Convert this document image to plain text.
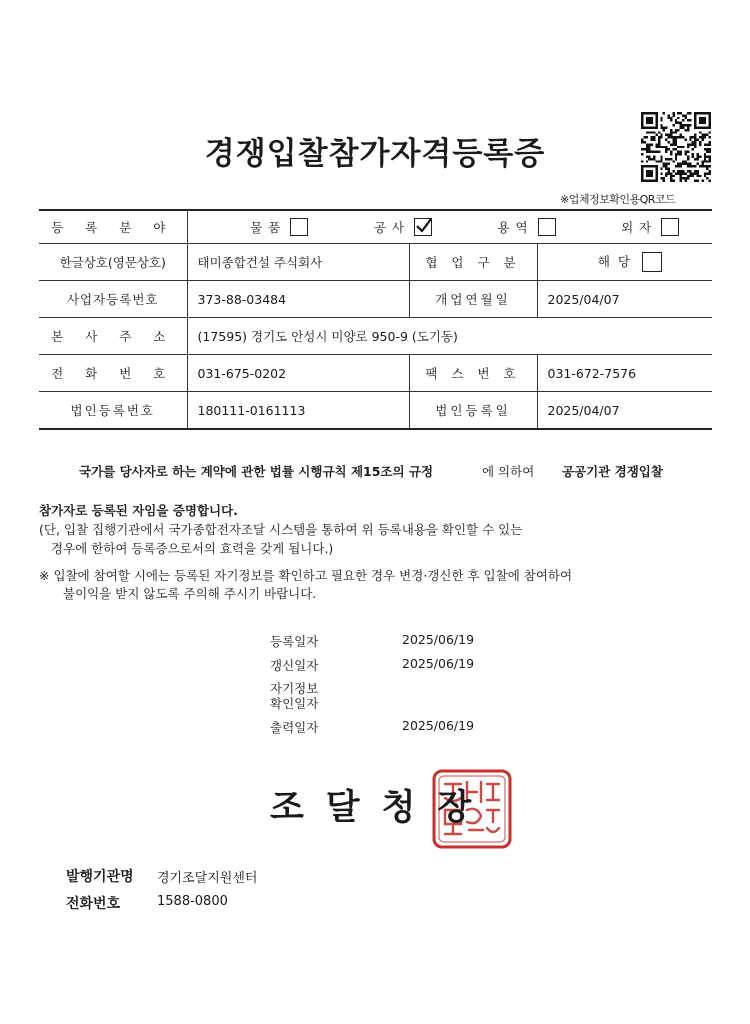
경쟁입찰참가자격등록증
※업체정보확인용QR코드
등 록 분 야	물품 공사 용역 외자		

한글상호(영문상호)	태미종합건설 주식회사	협 업 구 분	해당
사업자등록번호	373-88-03484	개업연월일	2025/04/07
본 사 주 소	(17595) 경기도 안성시 미양로 950-9 (도기동)		
전 화 번 호	031-675-0202	팩 스 번 호	031-672-7576
법인등록번호	180111-0161113	법인등록일	2025/04/07
국가를 당사자로 하는 계약에 관한 법률 시행규칙 제15조의 규정	에 의하여 공공기관 경쟁입찰
참가자로 등록된 자임을 증명합니다.
(단, 입찰 집행기관에서 국가종합전자조달 시스템을 통하여 위 등록내용을 확인할 수 있는
경우에 한하여 등록증으로서의 효력을 갖게 됩니다.)
※ 입찰에 참여할 시에는 등록된 자기정보를 확인하고 필요한 경우 변경·갱신한 후 입찰에 참여하여
불이익을 받지 않도록 주의해 주시기 바랍니다.
등록일자	2025/06/19
갱신일자	2025/06/19
자기정보
확인일자
출력일자	2025/06/19
조달청장
발행기관명 경기조달지원센터
전화번호	1588-0800
